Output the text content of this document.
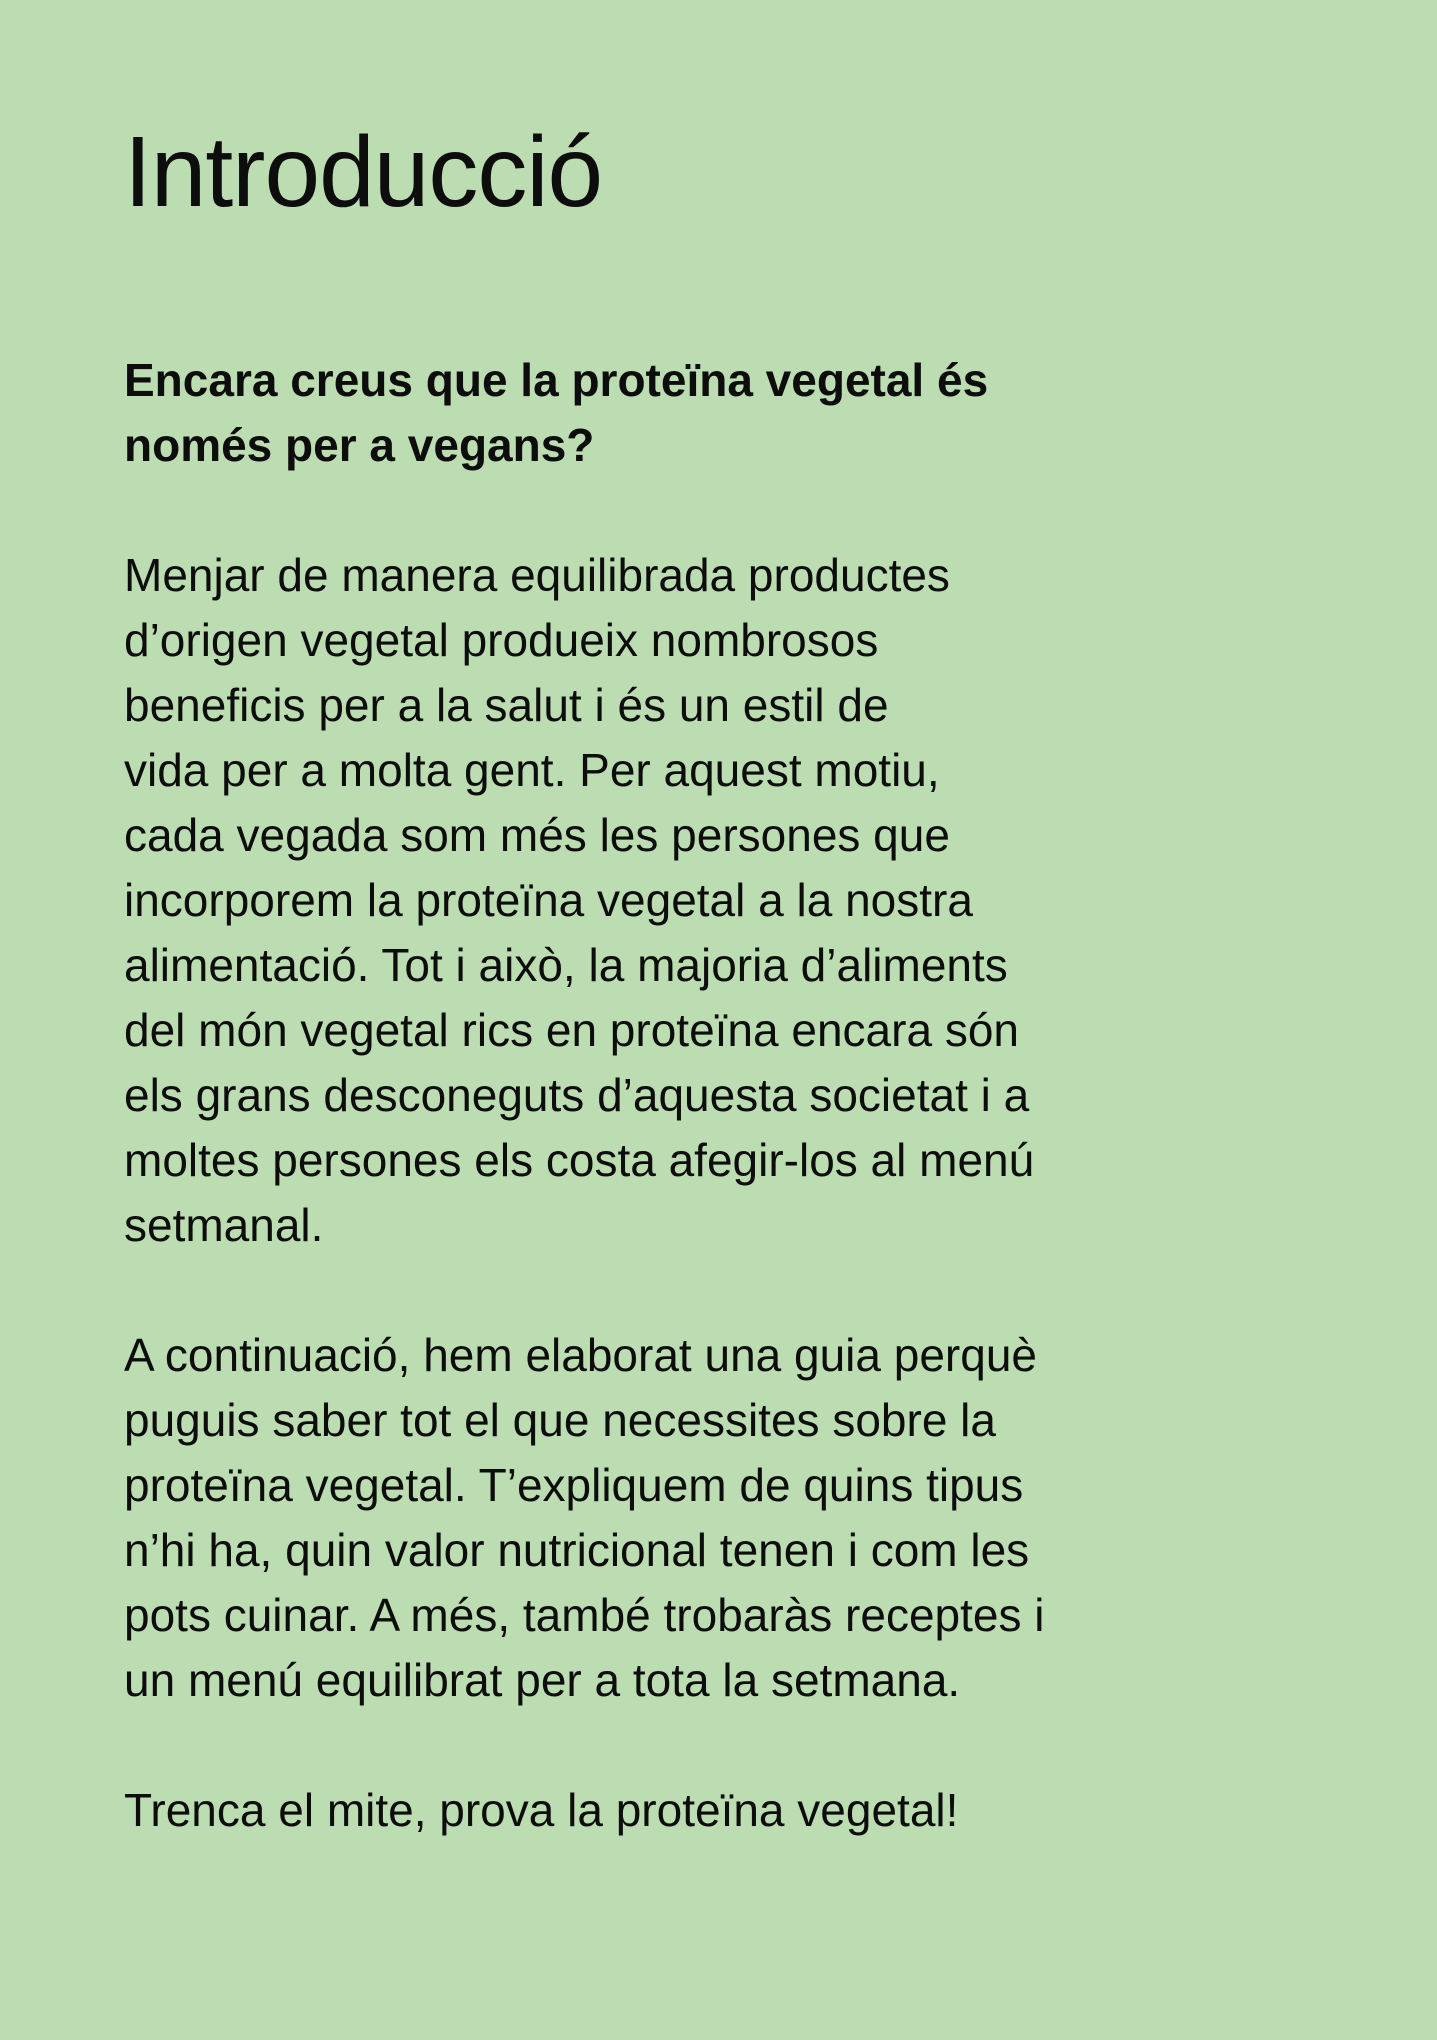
Introducció

Encara creus que la proteïna vegetal és
només per a vegans?

Menjar de manera equilibrada productes
d’origen vegetal produeix nombrosos
beneficis per a la salut i és un estil de
vida per a molta gent. Per aquest motiu,
cada vegada som més les persones que
incorporem la proteïna vegetal a la nostra
alimentació. Tot i això, la majoria d’aliments
del món vegetal rics en proteïna encara són
els grans desconeguts d’aquesta societat i a
moltes persones els costa afegir-los al menú
setmanal.

A continuació, hem elaborat una guia perquè
puguis saber tot el que necessites sobre la
proteïna vegetal. T’expliquem de quins tipus
n’hi ha, quin valor nutricional tenen i com les
pots cuinar. A més, també trobaràs receptes i
un menú equilibrat per a tota la setmana.

Trenca el mite, prova la proteïna vegetal!
